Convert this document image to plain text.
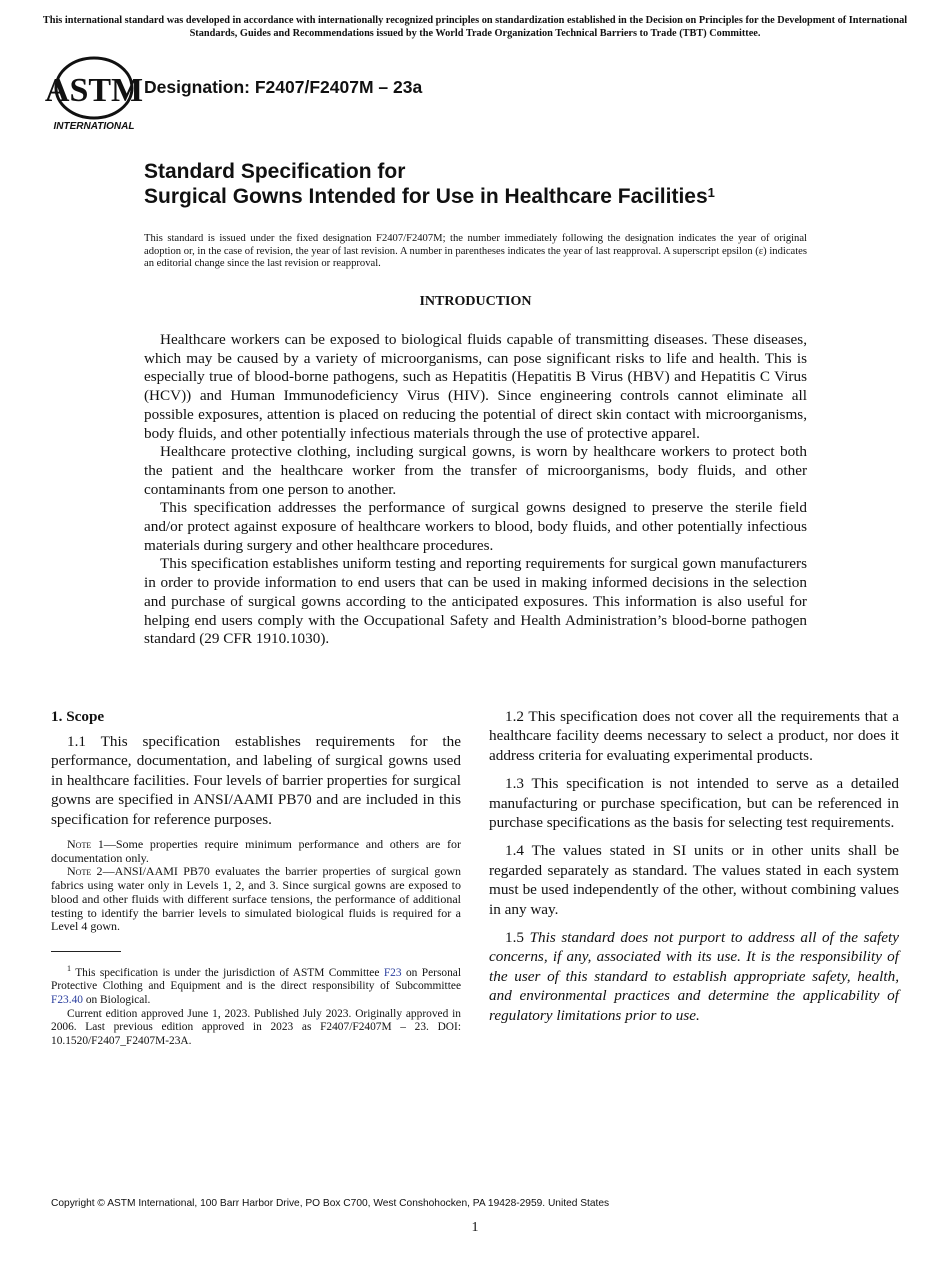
This international standard was developed in accordance with internationally recognized principles on standardization established in the Decision on Principles for the Development of International Standards, Guides and Recommendations issued by the World Trade Organization Technical Barriers to Trade (TBT) Committee.
ASTM
INTERNATIONAL
Designation: F2407/F2407M – 23a
Standard Specification for
Surgical Gowns Intended for Use in Healthcare Facilities$^1$
This standard is issued under the fixed designation F2407/F2407M; the number immediately following the designation indicates the year of original adoption or, in the case of revision, the year of last revision. A number in parentheses indicates the year of last reapproval. A superscript epsilon (ε) indicates an editorial change since the last revision or reapproval.
INTRODUCTION

Healthcare workers can be exposed to biological fluids capable of transmitting diseases. These diseases, which may be caused by a variety of microorganisms, can pose significant risks to life and health. This is especially true of blood-borne pathogens, such as Hepatitis (Hepatitis B Virus (HBV) and Hepatitis C Virus (HCV)) and Human Immunodeficiency Virus (HIV). Since engineering controls cannot eliminate all possible exposures, attention is placed on reducing the potential of direct skin contact with microorganisms, body fluids, and other potentially infectious materials through the use of protective apparel.

Healthcare protective clothing, including surgical gowns, is worn by healthcare workers to protect both the patient and the healthcare worker from the transfer of microorganisms, body fluids, and other contaminants from one person to another.

This specification addresses the performance of surgical gowns designed to preserve the sterile field and/or protect against exposure of healthcare workers to blood, body fluids, and other potentially infectious materials during surgery and other healthcare procedures.

This specification establishes uniform testing and reporting requirements for surgical gown manufacturers in order to provide information to end users that can be used in making informed decisions in the selection and purchase of surgical gowns according to the anticipated exposures. This information is also useful for helping end users comply with the Occupational Safety and Health Administration’s blood-borne pathogen standard (29 CFR 1910.1030).

1. Scope

1.1 This specification establishes requirements for the performance, documentation, and labeling of surgical gowns used in healthcare facilities. Four levels of barrier properties for surgical gowns are specified in ANSI/AAMI PB70 and are included in this specification for reference purposes.

Note 1—Some properties require minimum performance and others are for documentation only.

Note 2—ANSI/AAMI PB70 evaluates the barrier properties of surgical gown fabrics using water only in Levels 1, 2, and 3. Since surgical gowns are exposed to blood and other fluids with different surface tensions, the performance of additional testing to identify the barrier levels to simulated biological fluids is required for a Level 4 gown.

$^1$ This specification is under the jurisdiction of ASTM Committee F23 on Personal Protective Clothing and Equipment and is the direct responsibility of Subcommittee F23.40 on Biological.

Current edition approved June 1, 2023. Published July 2023. Originally approved in 2006. Last previous edition approved in 2023 as F2407/F2407M – 23. DOI: 10.1520/F2407_F2407M-23A.

1.2 This specification does not cover all the requirements that a healthcare facility deems necessary to select a product, nor does it address criteria for evaluating experimental products.

1.3 This specification is not intended to serve as a detailed manufacturing or purchase specification, but can be referenced in purchase specifications as the basis for selecting test requirements.

1.4 The values stated in SI units or in other units shall be regarded separately as standard. The values stated in each system must be used independently of the other, without combining values in any way.

1.5 This standard does not purport to address all of the safety concerns, if any, associated with its use. It is the responsibility of the user of this standard to establish appropriate safety, health, and environmental practices and determine the applicability of regulatory limitations prior to use.

Copyright © ASTM International, 100 Barr Harbor Drive, PO Box C700, West Conshohocken, PA 19428-2959. United States
1
